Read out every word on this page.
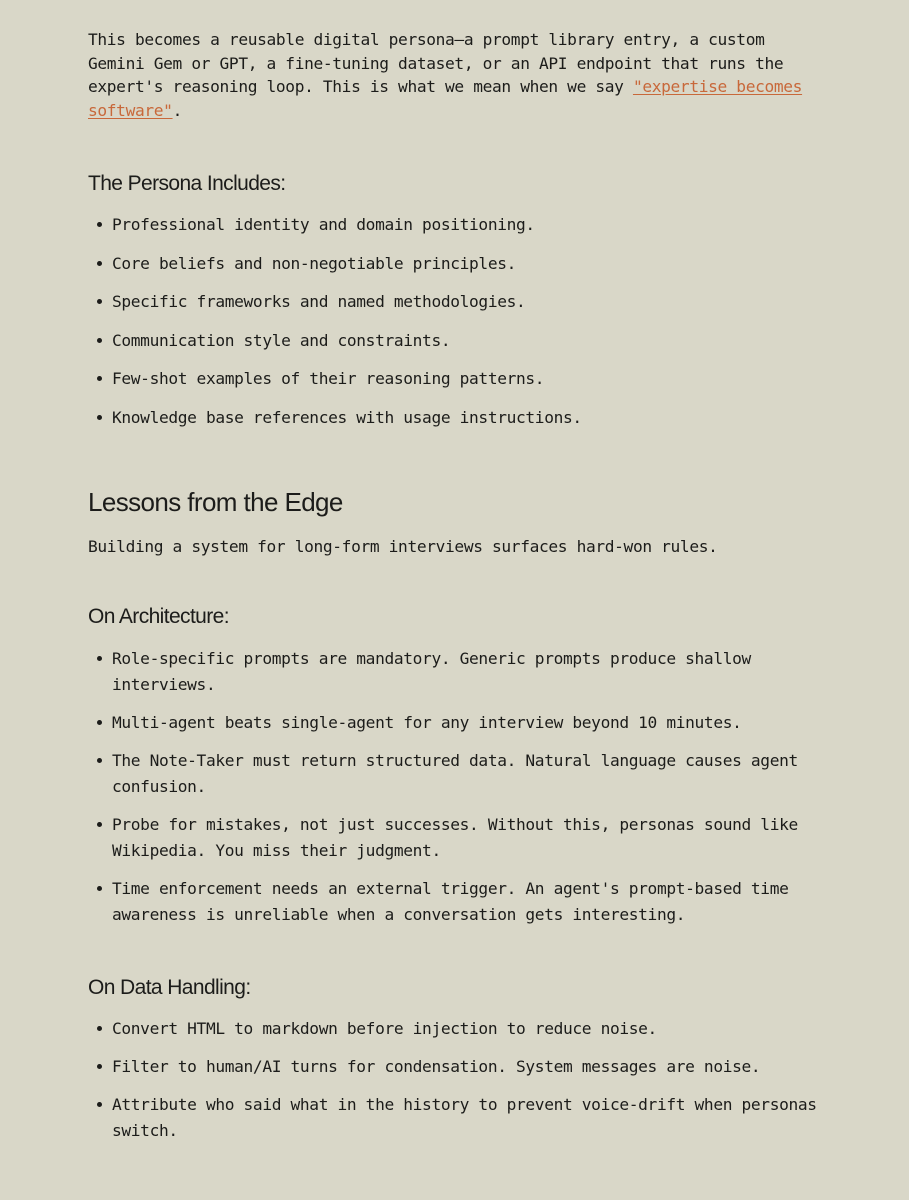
This becomes a reusable digital persona—a prompt library entry, a custom Gemini Gem or GPT, a fine-tuning dataset, or an API endpoint that runs the expert's reasoning loop. This is what we mean when we say "expertise becomes software".

The Persona Includes:
Professional identity and domain positioning.
Core beliefs and non-negotiable principles.
Specific frameworks and named methodologies.
Communication style and constraints.
Few-shot examples of their reasoning patterns.
Knowledge base references with usage instructions.
Lessons from the Edge

Building a system for long-form interviews surfaces hard-won rules.

On Architecture:
Role-specific prompts are mandatory. Generic prompts produce shallow interviews.
Multi-agent beats single-agent for any interview beyond 10 minutes.
The Note-Taker must return structured data. Natural language causes agent confusion.
Probe for mistakes, not just successes. Without this, personas sound like Wikipedia. You miss their judgment.
Time enforcement needs an external trigger. An agent's prompt-based time awareness is unreliable when a conversation gets interesting.
On Data Handling:
Convert HTML to markdown before injection to reduce noise.
Filter to human/AI turns for condensation. System messages are noise.
Attribute who said what in the history to prevent voice-drift when personas switch.
